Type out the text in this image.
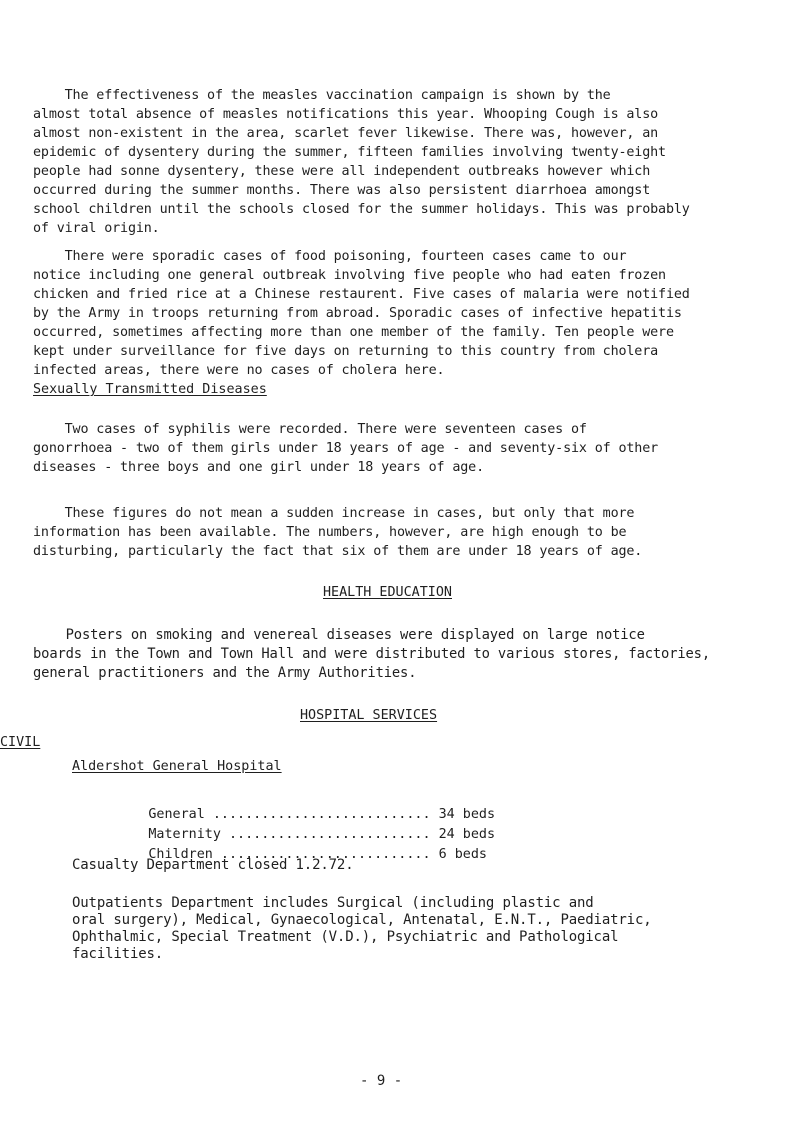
The effectiveness of the measles vaccination campaign is shown by the
almost total absence of measles notifications this year. Whooping Cough is also
almost non-existent in the area, scarlet fever likewise. There was, however, an
epidemic of dysentery during the summer, fifteen families involving twenty-eight
people had sonne dysentery, these were all independent outbreaks however which
occurred during the summer months. There was also persistent diarrhoea amongst
school children until the schools closed for the summer holidays. This was probably
of viral origin.

There were sporadic cases of food poisoning, fourteen cases came to our
notice including one general outbreak involving five people who had eaten frozen
chicken and fried rice at a Chinese restaurent. Five cases of malaria were notified
by the Army in troops returning from abroad. Sporadic cases of infective hepatitis
occurred, sometimes affecting more than one member of the family. Ten people were
kept under surveillance for five days on returning to this country from cholera
infected areas, there were no cases of cholera here.

Sexually Transmitted Diseases

Two cases of syphilis were recorded. There were seventeen cases of
gonorrhoea - two of them girls under 18 years of age - and seventy-six of other
diseases - three boys and one girl under 18 years of age.

These figures do not mean a sudden increase in cases, but only that more
information has been available. The numbers, however, are high enough to be
disturbing, particularly the fact that six of them are under 18 years of age.

HEALTH EDUCATION

Posters on smoking and venereal diseases were displayed on large notice
boards in the Town and Town Hall and were distributed to various stores, factories,
general practitioners and the Army Authorities.

HOSPITAL SERVICES
CIVIL
Aldershot General Hospital

General ........................... 34 beds

Maternity ......................... 24 beds

Children .......................... 6 beds

Casualty Department closed 1.2.72.

Outpatients Department includes Surgical (including plastic and
oral surgery), Medical, Gynaecological, Antenatal, E.N.T., Paediatric,
Ophthalmic, Special Treatment (V.D.), Psychiatric and Pathological
facilities.

- 9 -
